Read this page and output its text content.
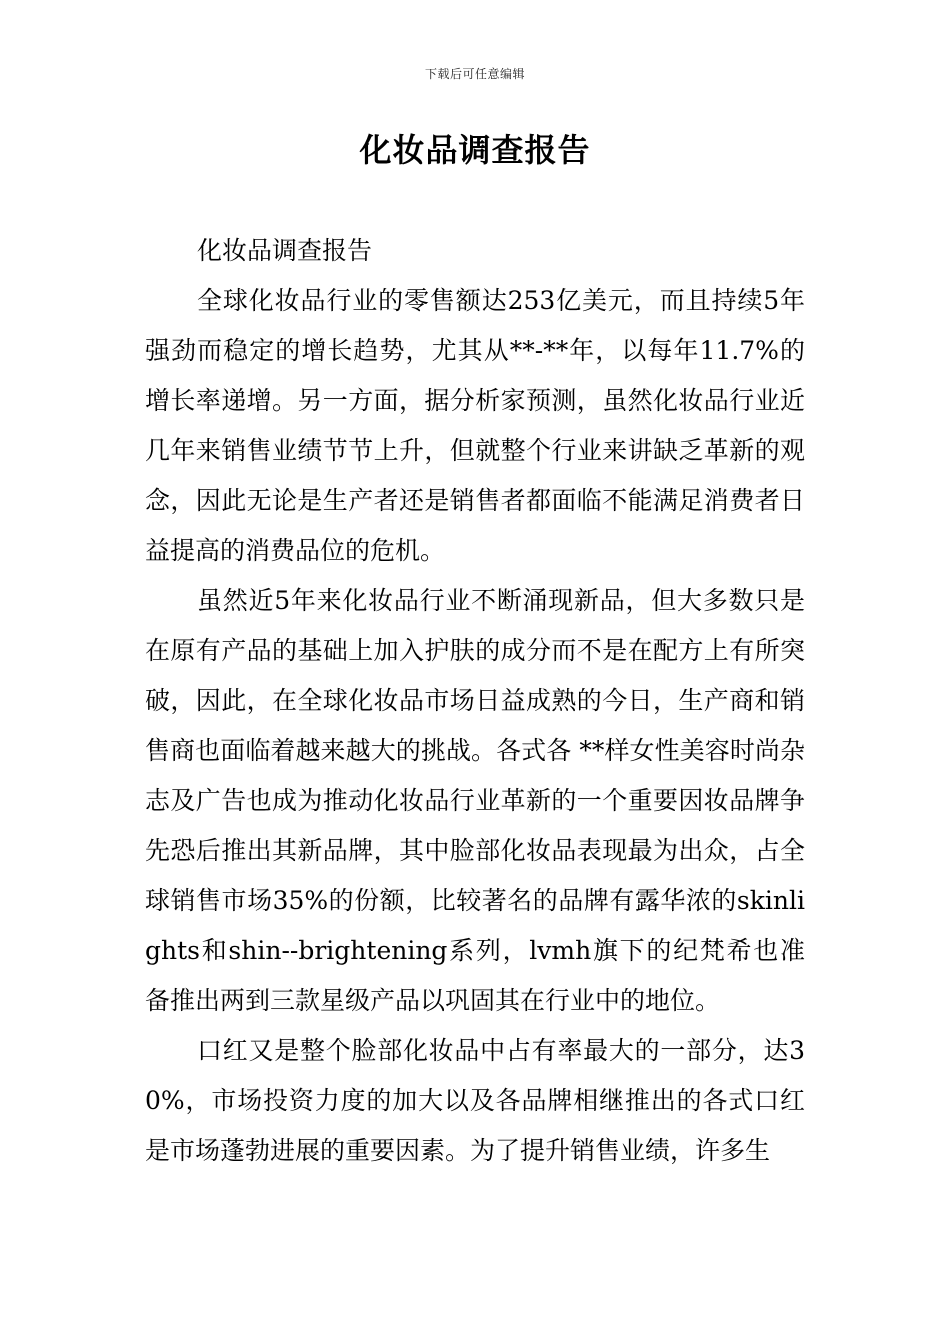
下载后可任意编辑
化妆品调查报告

化妆品调查报告

全球化妆品行业的零售额达253亿美元，而且持续5年强劲而稳定的增长趋势，尤其从**-**年，以每年11.7%的增长率递增。另一方面，据分析家预测，虽然化妆品行业近几年来销售业绩节节上升，但就整个行业来讲缺乏革新的观念，因此无论是生产者还是销售者都面临不能满足消费者日益提高的消费品位的危机。

虽然近5年来化妆品行业不断涌现新品，但大多数只是在原有产品的基础上加入护肤的成分而不是在配方上有所突破，因此，在全球化妆品市场日益成熟的今日，生产商和销售商也面临着越来越大的挑战。各式各 **样女性美容时尚杂志及广告也成为推动化妆品行业革新的一个重要因妆品牌争先恐后推出其新品牌，其中脸部化妆品表现最为出众，占全球销售市场35%的份额，比较著名的品牌有露华浓的skinlights和shin--brightening系列，lvmh旗下的纪梵希也准备推出两到三款星级产品以巩固其在行业中的地位。

口红又是整个脸部化妆品中占有率最大的一部分，达30%，市场投资力度的加大以及各品牌相继推出的各式口红是市场蓬勃进展的重要因素。为了提升销售业绩，许多生
